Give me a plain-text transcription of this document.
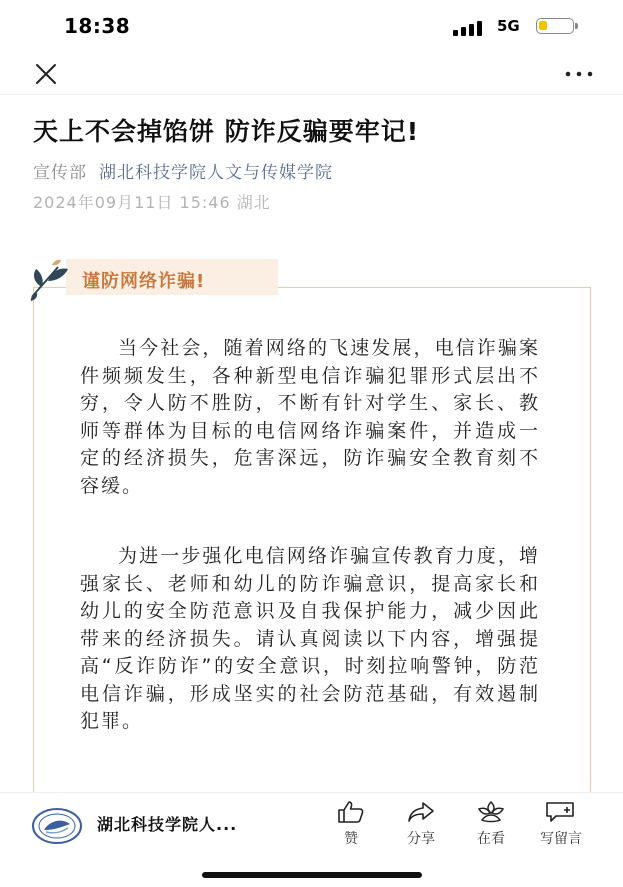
18:38	5G
天上不会掉馅饼 防诈反骗要牢记!
宣传部 湖北科技学院人文与传媒学院
2024年09月11日 15:46 湖北
谨防网络诈骗!

当今社会，随着网络的飞速发展，电信诈骗案件频频发生，各种新型电信诈骗犯罪形式层出不穷，令人防不胜防，不断有针对学生、家长、教师等群体为目标的电信网络诈骗案件，并造成一定的经济损失，危害深远，防诈骗安全教育刻不容缓。

为进一步强化电信网络诈骗宣传教育力度，增强家长、老师和幼儿的防诈骗意识，提高家长和幼儿的安全防范意识及自我保护能力，减少因此带来的经济损失。请认真阅读以下内容，增强提高“反诈防诈”的安全意识，时刻拉响警钟，防范电信诈骗，形成坚实的社会防范基础，有效遏制犯罪。

湖北科技学院人...
赞	分享	在看	写留言
